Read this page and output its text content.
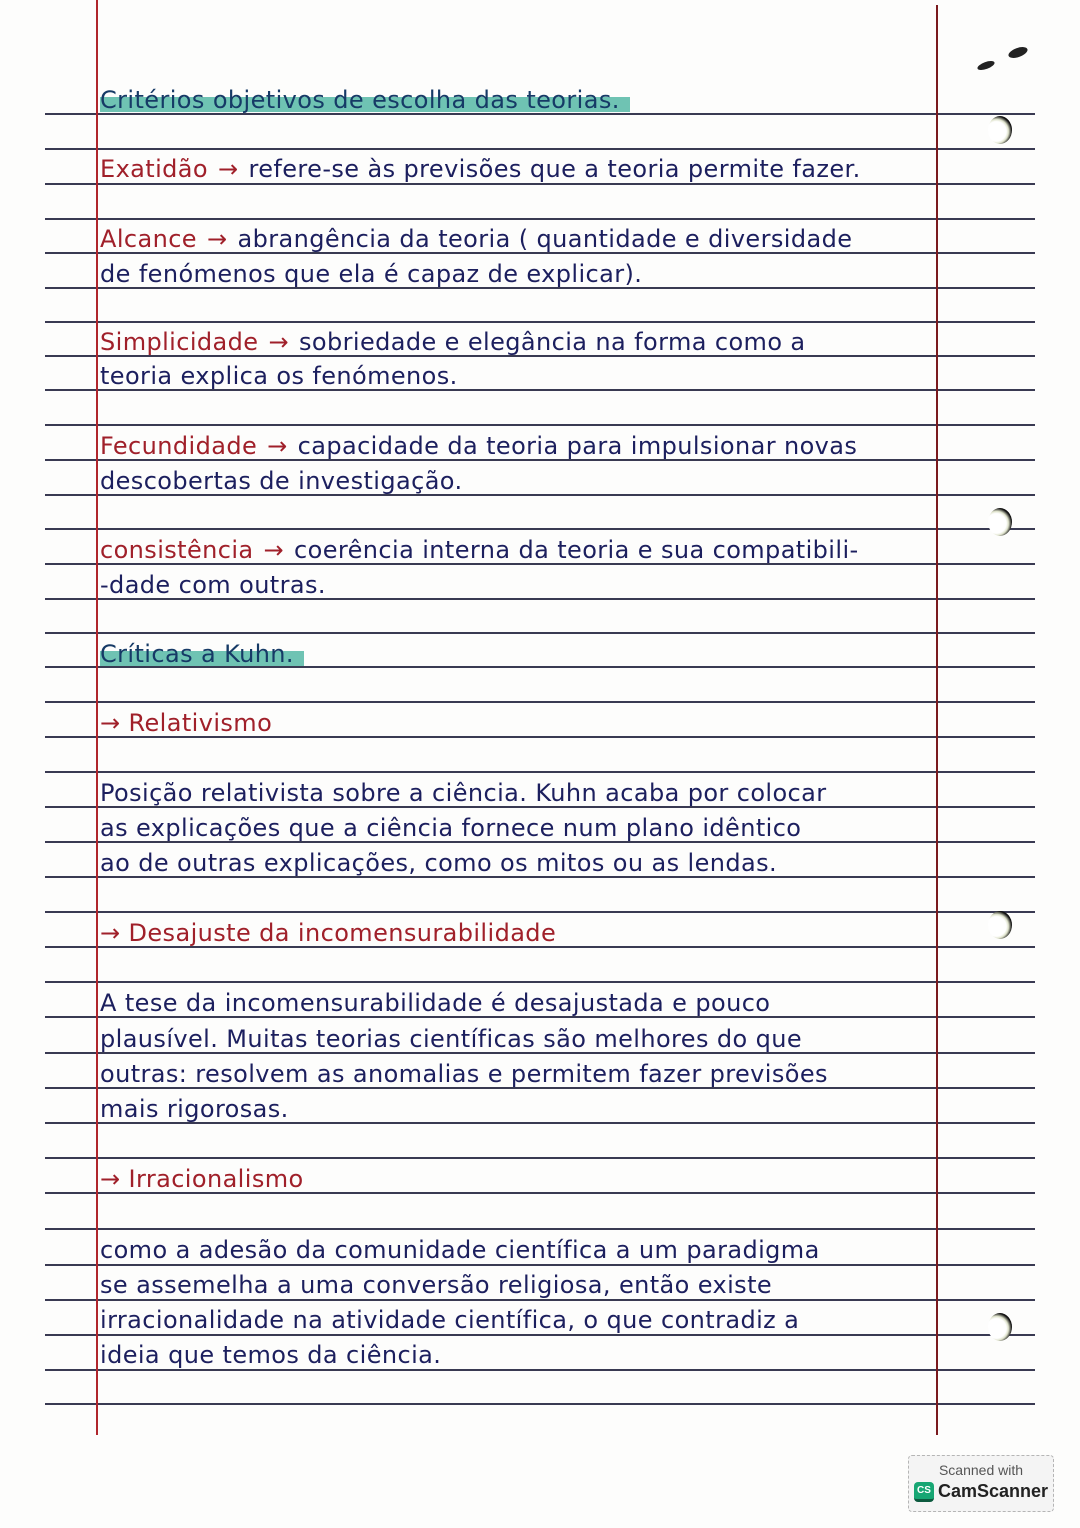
Critérios objetivos de escolha das teorias.
Exatidão → refere-se às previsões que a teoria permite fazer.
Alcance → abrangência da teoria ( quantidade e diversidade
de fenómenos que ela é capaz de explicar).
Simplicidade → sobriedade e elegância na forma como a
teoria explica os fenómenos.
Fecundidade → capacidade da teoria para impulsionar novas
descobertas de investigação.
consistência → coerência interna da teoria e sua compatibili-
-dade com outras.
Críticas a Kuhn.
→ Relativismo
Posição relativista sobre a ciência. Kuhn acaba por colocar
as explicações que a ciência fornece num plano idêntico
ao de outras explicações, como os mitos ou as lendas.
→ Desajuste da incomensurabilidade
A tese da incomensurabilidade é desajustada e pouco
plausível. Muitas teorias científicas são melhores do que
outras: resolvem as anomalias e permitem fazer previsões
mais rigorosas.
→ Irracionalismo
como a adesão da comunidade científica a um paradigma
se assemelha a uma conversão religiosa, então existe
irracionalidade na atividade científica, o que contradiz a
ideia que temos da ciência.
Scanned with
CS CamScanner
